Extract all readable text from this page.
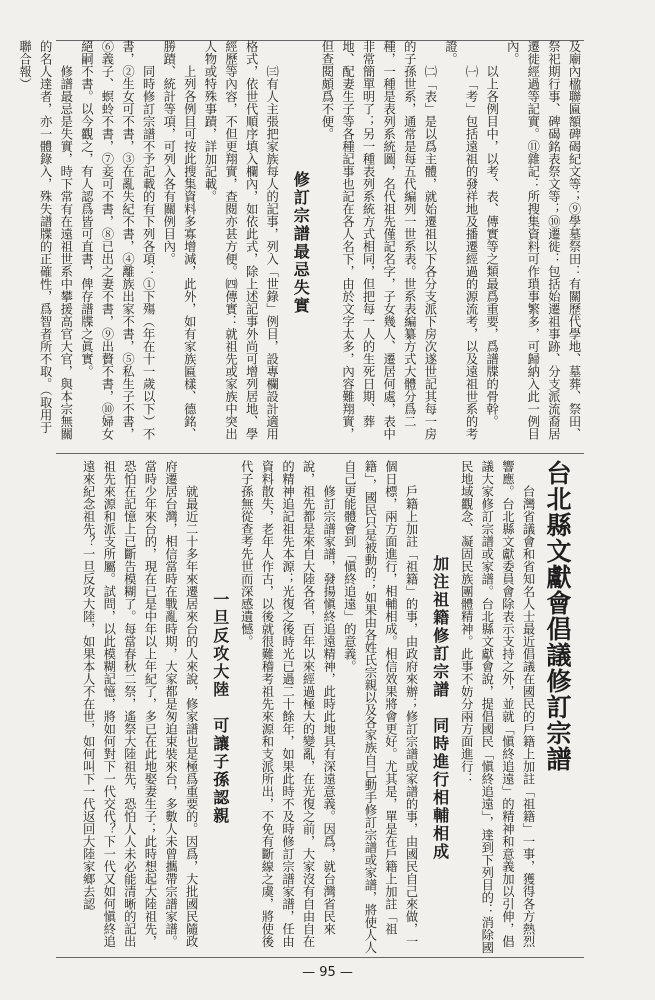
及廟內楹聯匾額碑碣紀文等；⑨學墓祭田：有關歷代學地、墓葬、祭田、祭祀期行事、碑碣銘表祭文等；⑩遷徙：包括始遷祖事跡、分支派流裔居遷徙經過等記實。⑪雜記：所搜集資料可作瑣事繁多，可歸納入此一例目內。

以上各例目中，以考、表、傳實等之類最爲重要，爲譜牒的骨幹。

㈠「考」包括遠祖的發祥地及播遷經過的源流考，以及遠祖世系的考證。

㈡「表」是以爲主體，就始遷祖以下各分支派下房次遂世記其每一房的子孫世系，通常是每五代編列一世系表。世系表編纂方式大體分爲二種，一種是表列系統圖，名代祖先僅記名字，子女幾人、遷居何處，表中非常簡單明了；另一種表列系統方式相同，但把每一人的生死日期、葬地、配妻生子等各種記事也記在各人名下，由於文字太多，內容難翔實，但查閱頗爲不便。

修訂宗譜最忌失實

㈢有人主張把家族每人的記事，列入「世錄」例目，設專欄設計適用格式，依世代順序填入欄內，如依此式，除上述記事外尚可增列居地、學經歷等內容，不但更翔實，查閱亦甚方便。㈣傳實：就祖先或家族中突出人物或特殊事蹟，詳加記載。

上列各例目可按此搜集資料多寡增減，此外，如有家族匾樣、德銘、勝蹟、統計等項，可列入各有關例目內。

同時修訂宗譜不予記載的有下列各項：①下殤（年在十一歲以下）不書，②生女可不書，③在亂失紀不書，④離族出家不書，⑤私生子不書，⑥義子、螟蛉不書，⑦妾可不書，⑧已出之妻不書，⑨出贅不書，⑩婦女絕嗣不書。以今觀之，有人認爲皆可直書，俾存譜牒之眞實。

修譜最忌是失實，時下常有在遠祖世系中攀援高官大官，與本宗無關的名人達者，亦一體錄入，殊失譜牒的正確性，爲智者所不取。（取用于聯合報）

台北縣文獻會倡議修訂宗譜

台灣省議會和省知名人士最近倡議在國民的戶籍上加註「祖籍」一事，獲得各方熱烈響應。台北縣文獻委員會除表示支持之外，並就「愼終追遠」的精神和意義加以引伸，倡議大家修訂宗譜或家譜。台北縣文獻會說，提倡國民「愼終追遠」，達到下列目的：消除國民地域觀念、凝固民族團體精神。此事不妨分兩方面進行：

加注祖籍修訂宗譜　同時進行相輔相成

戶籍上加註「祖籍」的事，由政府來辦；修訂宗譜或家譜的事，由國民自己來做，一個日標，兩方面進行，相輔相成。相信效果將會更好。尤其是，單是在戶籍上加註「祖籍」，國民只是被動的；如果由各姓氏宗親以及各家族自己動手修訂宗譜或家譜，將使人人自己更能體會到「愼終追遠」的意義。

修訂宗譜家譜，發揚愼終追遠精神，此時此地具有深遠意義。因爲，就台灣省民來說，祖先都是來自大陸各省，百年以來經過極大的變亂，在光復之前，大家沒有自由自在的精神追記祖先本源；光復之後時光已過二十餘年，如果此時不及時修訂宗譜家譜，任由資料散失，老年人作古，以後就很難稽考祖先來源和支派所出，不免有斷線之虞，將使後代子孫無從查考先世而深感遺憾。

一旦反攻大陸　可讓子孫認親

就最近二十多年來遷居來台的人來說，修家譜也是極爲重要的。因爲，大批國民隨政府遷居台灣，相信當時在戰亂時期，大家都是匆迫束裝來台，多數人未曾攜帶宗譜家譜。當時少年來台的，現在已是中年以上年紀了，多已在此地娶妻生子；此時想起大陸祖先，恐怕在記憶上已斷告模糊了。每當春秋二祭，遙祭大陸祖先，恐怕人人未必能清晰的記出祖先來源和派支所屬。試問，以此模糊記憶，將如何對下一代交代？下一代又如何愼終追遠來紀念祖先？一旦反攻大陸，如果本人不在世，如何叫下一代返回大陸家鄉去認

— 95 —
